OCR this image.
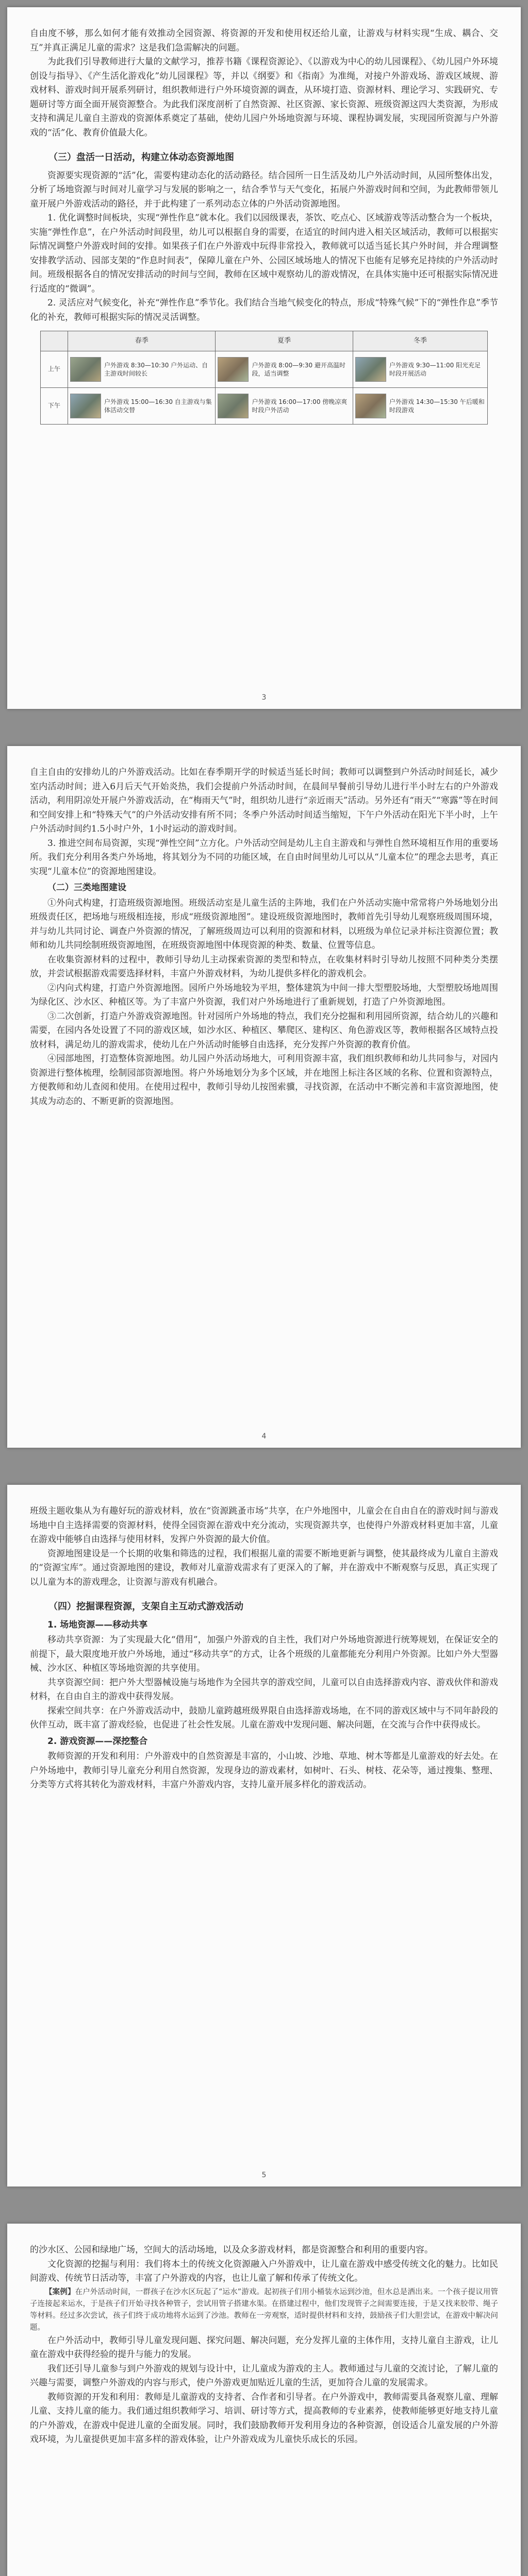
自由度不够，那么如何才能有效推动全园资源、将资源的开发和使用权还给儿童，让游戏与材料实现“生成、耦合、交互”并真正满足儿童的需求？这是我们急需解决的问题。

为此我们引导教师进行大量的文献学习，推荐书籍《课程资源论》、《以游戏为中心的幼儿园课程》、《幼儿园户外环境创设与指导》、《产生活化游戏化”幼儿园课程》等，并以《纲要》和《指南》为准绳，对接户外游戏场、游戏区域规、游戏材料、游戏时间开展系列研讨，组织教师进行户外环境资源的调查，从环境打造、资源材料、理论学习、实践研究、专题研讨等方面全面开展资源整合。为此我们深度剖析了自然资源、社区资源、家长资源、班级资源这四大类资源，为形成支持和满足儿童自主游戏的资源体系奠定了基础，使幼儿园户外场地资源与环境、课程协调发展，实现园所资源与户外游戏的“活”化、教育价值最大化。

（三）盘活一日活动，构建立体动态资源地图

资源要实现资源的“活”化，需要构建动态化的活动路径。结合园所一日生活及幼儿户外活动时间，从园所整体出发，分析了场地资源与时间对儿童学习与发展的影响之一，结合季节与天气变化，拓展户外游戏时间和空间，为此教师带领儿童开展户外游戏活动的路径，并于此构建了一系列动态立体的户外活动资源地图。

1. 优化调整时间板块，实现“弹性作息”就本化。我们以园级课表，茶饮、吃点心、区域游戏等活动整合为一个板块，实施“弹性作息”，在户外活动时间段里，幼儿可以根据自身的需要，在适宜的时间内进入相关区域活动，教师可以根据实际情况调整户外游戏时间的安排。如果孩子们在户外游戏中玩得非常投入，教师就可以适当延长其户外时间，并合理调整安排教学活动、园部支架的“作息时间表”，保障儿童在户外、公园区域场地人的情况下也能有足够充足持续的户外活动时间。班级根据各自的情况安排活动的时间与空间，教师在区域中观察幼儿的游戏情况，在具体实施中还可根据实际情况进行适度的“微调”。

2. 灵活应对气候变化，补充“弹性作息”季节化。我们结合当地气候变化的特点，形成“特殊气候”下的“弹性作息”季节化的补充，教师可根据实际的情况灵活调整。

	春季	夏季	冬季
上午	户外游戏 8:30—10:30 户外运动、自主游戏时间较长	户外游戏 8:00—9:30 避开高温时段，适当调整	户外游戏 9:30—11:00 阳光充足时段开展活动

下午	户外游戏 15:00—16:30 自主游戏与集体活动交替	户外游戏 16:00—17:00 傍晚凉爽时段户外活动	户外游戏 14:30—15:30 午后暖和时段游戏
3

自主自由的安排幼儿的户外游戏活动。比如在春季期开学的时候适当延长时间；教师可以调整到户外活动时间延长，减少室内活动时间；进入6月后天气开始炎热，我们会提前户外活动时间，在晨间早餐前引导幼儿进行半小时左右的户外游戏活动，利用阴凉处开展户外游戏活动，在“梅雨天气”时，组织幼儿进行“亲近雨天”活动。另外还有“雨天”“寒露”等在时间和空间安排上和“特殊天气”的户外活动安排有所不同；冬季户外活动时间适当缩短，下午户外活动在阳光下半小时，上午户外活动时间约1.5小时户外，1小时运动的游戏时间。

3. 推进空间布局资源，实现“弹性空间”立方化。户外活动空间是幼儿主自主游戏和与弹性自然环境相互作用的重要场所。我们充分利用各类户外场地，将其划分为不同的功能区域，在自由时间里幼儿可以从“儿童本位”的理念去思考，真正实现“儿童本位”的资源地图建设。

（二）三类地图建设

①外向式构建，打造班级资源地图。班级活动室是儿童生活的主阵地，我们在户外活动实施中常常将户外场地划分出班级责任区，把场地与班级相连接，形成“班级资源地图”。建设班级资源地图时，教师首先引导幼儿观察班级周围环境，并与幼儿共同讨论、调查户外资源的情况，了解班级周边可以利用的资源和材料，以班级为单位记录并标注资源位置；教师和幼儿共同绘制班级资源地图，在班级资源地图中体现资源的种类、数量、位置等信息。

在收集资源材料的过程中，教师引导幼儿主动探索资源的类型和特点，在收集材料时引导幼儿按照不同种类分类摆放，并尝试根据游戏需要选择材料，丰富户外游戏材料，为幼儿提供多样化的游戏机会。

②内向式构建，打造户外资源地图。园所户外场地较为平坦，整体建筑为中间一排大型塑胶场地，大型塑胶场地周围为绿化区、沙水区、种植区等。为了丰富户外资源，我们对户外场地进行了重新规划，打造了户外资源地图。

③二次创新，打造户外游戏资源地图。针对园所户外场地的特点，我们充分挖掘和利用园所资源，结合幼儿的兴趣和需要，在园内各处设置了不同的游戏区域，如沙水区、种植区、攀爬区、建构区、角色游戏区等，教师根据各区域特点投放材料，满足幼儿的游戏需求，使幼儿在户外活动时能够自由选择，充分发挥户外资源的教育价值。

④园部地图，打造整体资源地图。幼儿园户外活动场地大，可利用资源丰富，我们组织教师和幼儿共同参与，对园内资源进行整体梳理，绘制园部资源地图。将户外场地划分为多个区域，并在地图上标注各区域的名称、位置和资源特点，方便教师和幼儿查阅和使用。在使用过程中，教师引导幼儿按图索骥，寻找资源，在活动中不断完善和丰富资源地图，使其成为动态的、不断更新的资源地图。

4

班级主题收集从为有趣好玩的游戏材料，放在“资源跳蚤市场”共享，在户外地图中，儿童会在自由自在的游戏时间与游戏场地中自主选择需要的资源材料，使得全园资源在游戏中充分流动，实现资源共享，也使得户外游戏材料更加丰富，儿童在游戏中能够自由选择与使用材料，发挥户外资源的最大价值。

资源地图建设是一个长期的收集和筛选的过程，我们根据儿童的需要不断地更新与调整，使其最终成为儿童自主游戏的“资源宝库”。通过资源地图的建设，教师对儿童游戏需求有了更深入的了解，并在游戏中不断观察与反思，真正实现了以儿童为本的游戏理念，让资源与游戏有机融合。

（四）挖掘课程资源，支架自主互动式游戏活动
1. 场地资源——移动共享

移动共享资源：为了实现最大化“借用”，加强户外游戏的自主性，我们对户外场地资源进行统筹规划，在保证安全的前提下，最大限度地开放户外场地，通过“移动共享”的方式，让各个班级的儿童都能充分利用户外资源。比如户外大型器械、沙水区、种植区等场地资源的共享使用。

共享资源空间：把户外大型器械设施与场地作为全园共享的游戏空间，儿童可以自由选择游戏内容、游戏伙伴和游戏材料，在自由自主的游戏中获得发展。

探索空间共享：在户外游戏活动中，鼓励儿童跨越班级界限自由选择游戏场地，在不同的游戏区域中与不同年龄段的伙伴互动，既丰富了游戏经验，也促进了社会性发展。儿童在游戏中发现问题、解决问题，在交流与合作中获得成长。

2. 游戏资源——深挖整合

教师资源的开发和利用：户外游戏中的自然资源是丰富的，小山坡、沙地、草地、树木等都是儿童游戏的好去处。在户外场地中，教师引导儿童充分利用自然资源，发现身边的游戏素材，如树叶、石头、树枝、花朵等，通过搜集、整理、分类等方式将其转化为游戏材料，丰富户外游戏内容，支持儿童开展多样化的游戏活动。

5

的沙水区、公园和绿地广场，空间大的活动场地，以及众多游戏材料，都是资源整合和利用的重要内容。

文化资源的挖掘与利用：我们将本土的传统文化资源融入户外游戏中，让儿童在游戏中感受传统文化的魅力。比如民间游戏、传统节日活动等，丰富了户外游戏的内容，也让儿童了解和传承了传统文化。

【案例】在户外活动时间，一群孩子在沙水区玩起了“运水”游戏。起初孩子们用小桶装水运到沙池，但水总是洒出来。一个孩子提议用管子连接起来运水，于是孩子们开始寻找各种管子，尝试用管子搭建水渠。在搭建过程中，他们发现管子之间需要连接，于是又找来胶带、绳子等材料。经过多次尝试，孩子们终于成功地将水运到了沙池。教师在一旁观察，适时提供材料和支持，鼓励孩子们大胆尝试，在游戏中解决问题。

在户外活动中，教师引导儿童发现问题、探究问题、解决问题，充分发挥儿童的主体作用，支持儿童自主游戏，让儿童在游戏中获得经验的提升与能力的发展。

我们还引导儿童参与到户外游戏的规划与设计中，让儿童成为游戏的主人。教师通过与儿童的交流讨论，了解儿童的兴趣与需要，调整户外游戏的内容与形式，使户外游戏更加贴近儿童的生活，更加符合儿童的发展需求。

教师资源的开发和利用：教师是儿童游戏的支持者、合作者和引导者。在户外游戏中，教师需要具备观察儿童、理解儿童、支持儿童的能力。我们通过组织教师学习、培训、研讨等方式，提高教师的专业素养，使教师能够更好地支持儿童的户外游戏，在游戏中促进儿童的全面发展。同时，我们鼓励教师开发利用身边的各种资源，创设适合儿童发展的户外游戏环境，为儿童提供更加丰富多样的游戏体验，让户外游戏成为儿童快乐成长的乐园。
